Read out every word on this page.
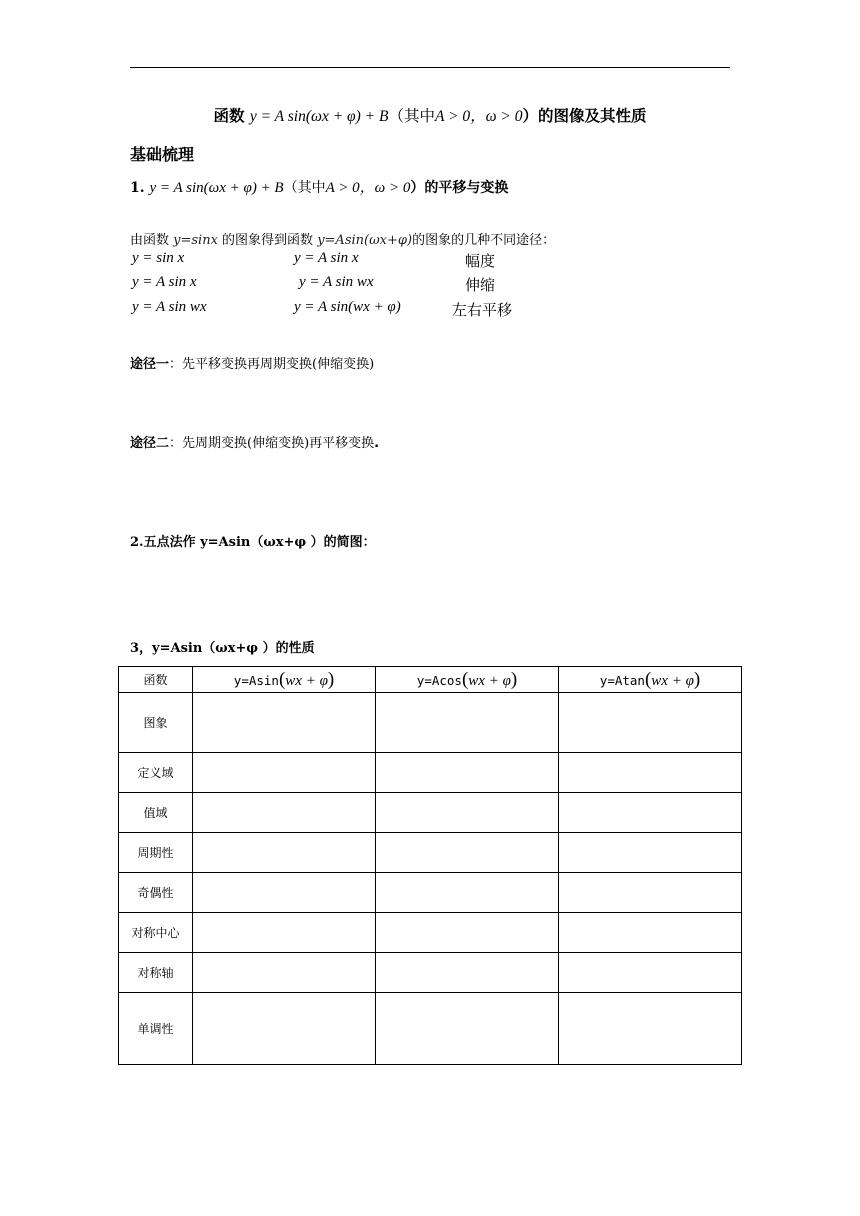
函数 y = A sin(ωx + φ) + B（其中A > 0，ω > 0）的图像及其性质
基础梳理
1. y = A sin(ωx + φ) + B（其中A > 0，ω > 0）的平移与变换
由函数 y=sinx 的图象得到函数 y=Asin(ωx+φ)的图象的几种不同途径：
y = sin x	y = A sin x	幅度
y = A sin x	y = A sin wx	伸缩
y = A sin wx	y = A sin(wx + φ)	左右平移
途径一：先平移变换再周期变换(伸缩变换)
途径二：先周期变换(伸缩变换)再平移变换.
2.五点法作 y=Asin（ωx+φ ）的简图：
3，y=Asin（ωx+φ ）的性质
函数	y=Asin(wx + φ)	y=Acos(wx + φ)	y=Atan(wx + φ)
图象			
定义域			
值域			
周期性			
奇偶性			
对称中心			
对称轴			
单调性			
